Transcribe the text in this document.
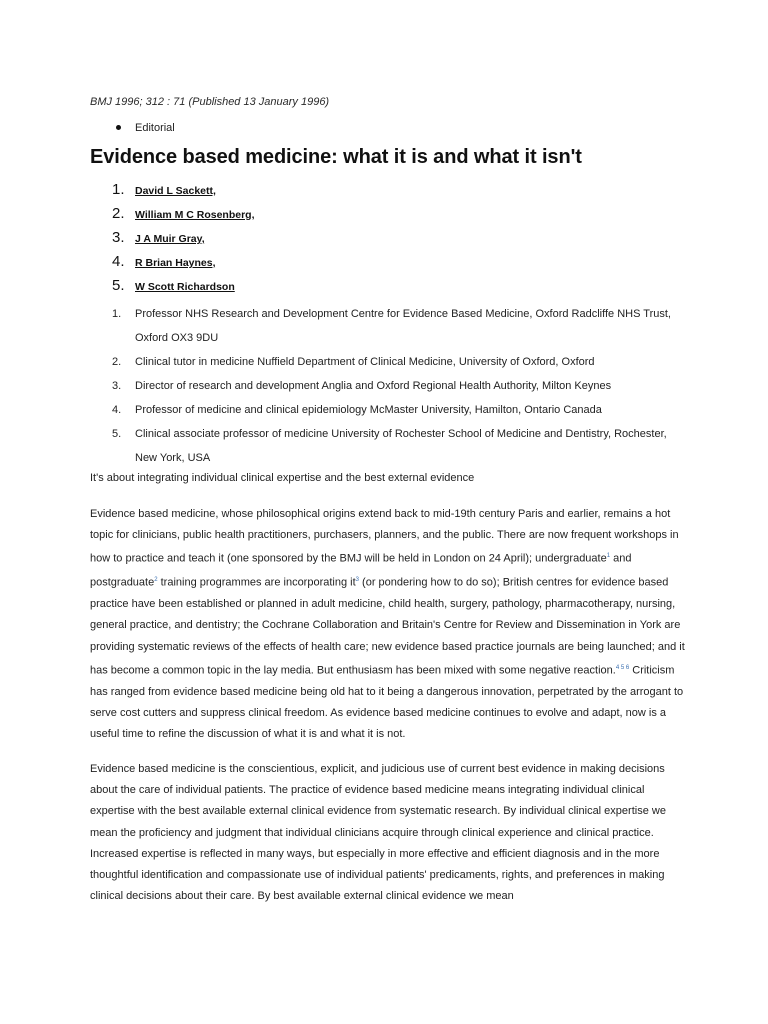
BMJ 1996; 312 : 71 (Published 13 January 1996)
Editorial
Evidence based medicine: what it is and what it isn't
1. David L Sackett,
2. William M C Rosenberg,
3. J A Muir Gray,
4. R Brian Haynes,
5. W Scott Richardson
1. Professor NHS Research and Development Centre for Evidence Based Medicine, Oxford Radcliffe NHS Trust, Oxford OX3 9DU
2. Clinical tutor in medicine Nuffield Department of Clinical Medicine, University of Oxford, Oxford
3. Director of research and development Anglia and Oxford Regional Health Authority, Milton Keynes
4. Professor of medicine and clinical epidemiology McMaster University, Hamilton, Ontario Canada
5. Clinical associate professor of medicine University of Rochester School of Medicine and Dentistry, Rochester, New York, USA

It's about integrating individual clinical expertise and the best external evidence

Evidence based medicine, whose philosophical origins extend back to mid-19th century Paris and earlier, remains a hot topic for clinicians, public health practitioners, purchasers, planners, and the public. There are now frequent workshops in how to practice and teach it (one sponsored by the BMJ will be held in London on 24 April); undergraduate$^1$ and postgraduate$^2$ training programmes are incorporating it$^3$ (or pondering how to do so); British centres for evidence based practice have been established or planned in adult medicine, child health, surgery, pathology, pharmacotherapy, nursing, general practice, and dentistry; the Cochrane Collaboration and Britain's Centre for Review and Dissemination in York are providing systematic reviews of the effects of health care; new evidence based practice journals are being launched; and it has become a common topic in the lay media. But enthusiasm has been mixed with some negative reaction.$^{4 5 6}$ Criticism has ranged from evidence based medicine being old hat to it being a dangerous innovation, perpetrated by the arrogant to serve cost cutters and suppress clinical freedom. As evidence based medicine continues to evolve and adapt, now is a useful time to refine the discussion of what it is and what it is not.

Evidence based medicine is the conscientious, explicit, and judicious use of current best evidence in making decisions about the care of individual patients. The practice of evidence based medicine means integrating individual clinical expertise with the best available external clinical evidence from systematic research. By individual clinical expertise we mean the proficiency and judgment that individual clinicians acquire through clinical experience and clinical practice. Increased expertise is reflected in many ways, but especially in more effective and efficient diagnosis and in the more thoughtful identification and compassionate use of individual patients' predicaments, rights, and preferences in making clinical decisions about their care. By best available external clinical evidence we mean
